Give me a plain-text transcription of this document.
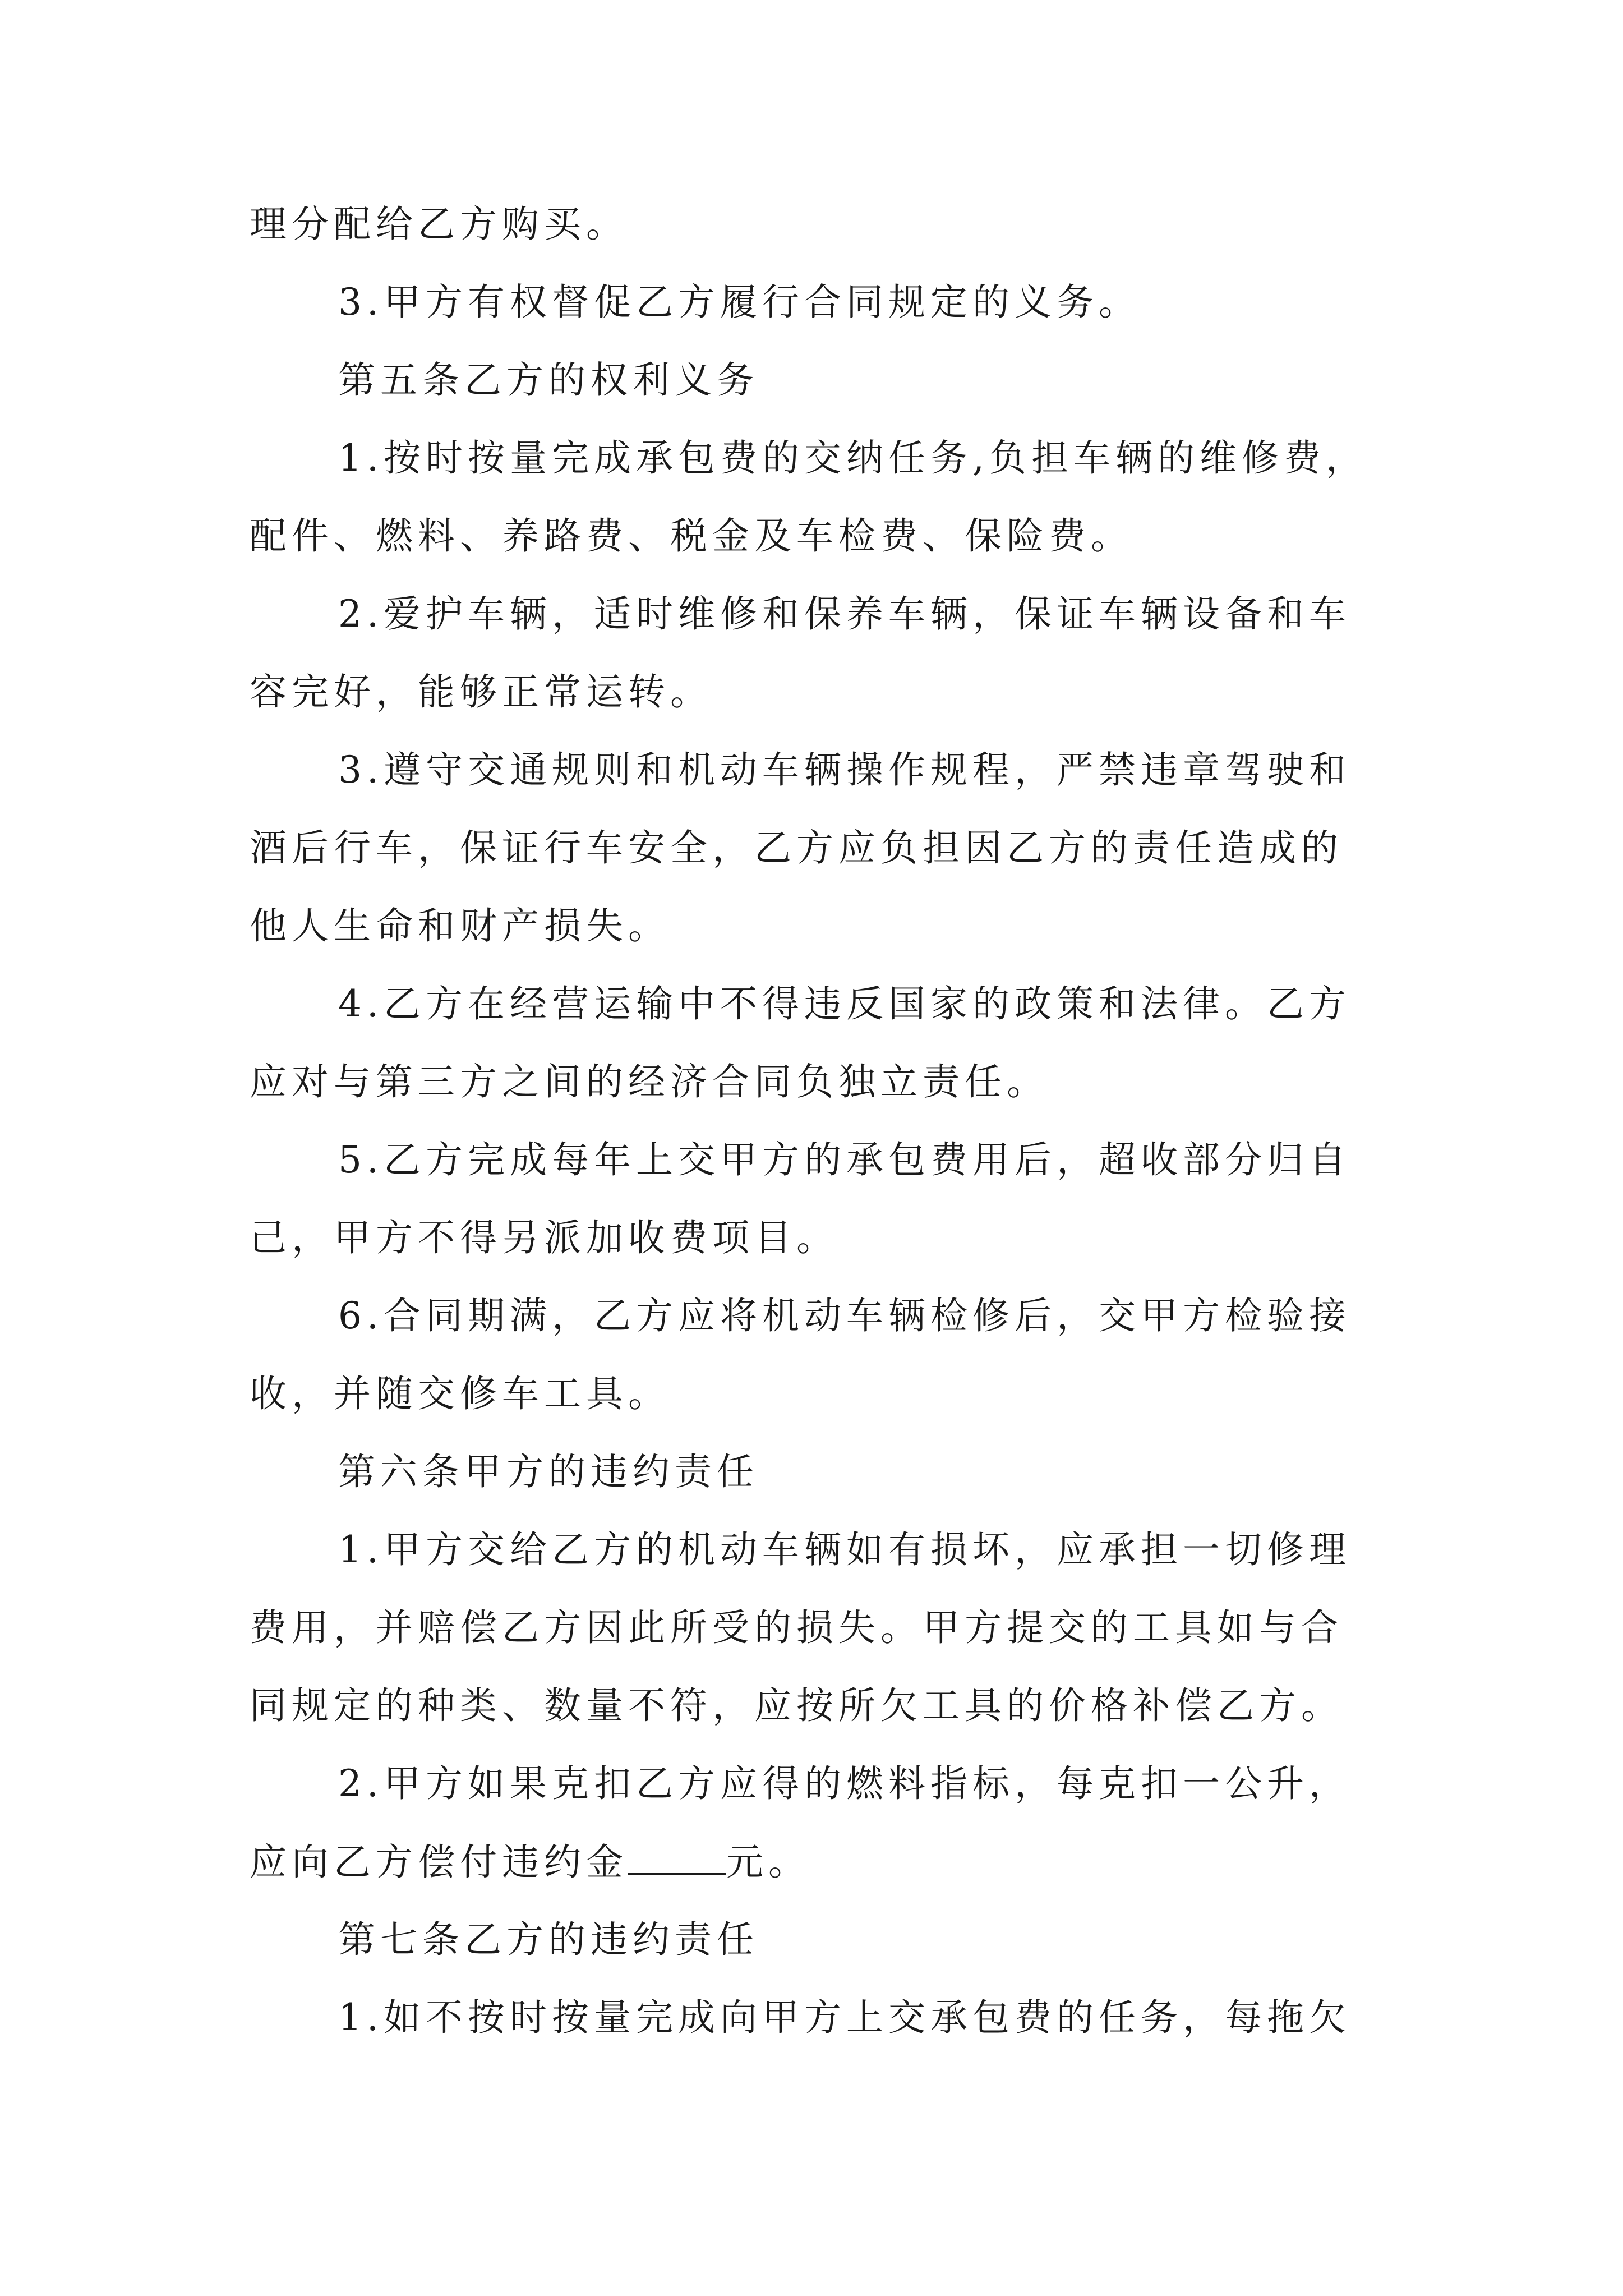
理分配给乙方购买。
3.甲方有权督促乙方履行合同规定的义务。
第五条乙方的权利义务
1.按时按量完成承包费的交纳任务,负担车辆的维修费，
配件、燃料、养路费、税金及车检费、保险费。
2.爱护车辆，适时维修和保养车辆，保证车辆设备和车
容完好，能够正常运转。
3.遵守交通规则和机动车辆操作规程，严禁违章驾驶和
酒后行车，保证行车安全，乙方应负担因乙方的责任造成的
他人生命和财产损失。
4.乙方在经营运输中不得违反国家的政策和法律。乙方
应对与第三方之间的经济合同负独立责任。
5.乙方完成每年上交甲方的承包费用后，超收部分归自
己，甲方不得另派加收费项目。
6.合同期满，乙方应将机动车辆检修后，交甲方检验接
收，并随交修车工具。
第六条甲方的违约责任
1.甲方交给乙方的机动车辆如有损坏，应承担一切修理
费用，并赔偿乙方因此所受的损失。甲方提交的工具如与合
同规定的种类、数量不符，应按所欠工具的价格补偿乙方。
2.甲方如果克扣乙方应得的燃料指标，每克扣一公升，
应向乙方偿付违约金	元。
第七条乙方的违约责任
1.如不按时按量完成向甲方上交承包费的任务，每拖欠
